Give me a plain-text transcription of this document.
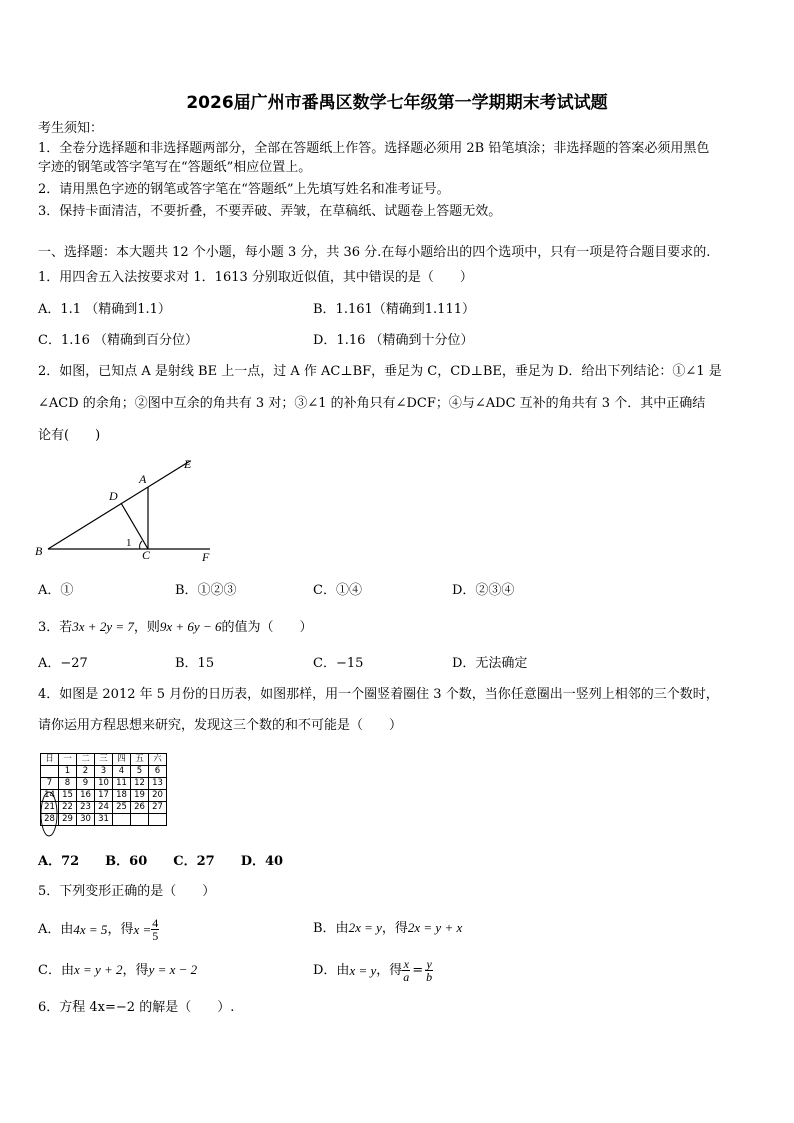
2026届广州市番禺区数学七年级第一学期期末考试试题
考生须知：
1．全卷分选择题和非选择题两部分，全部在答题纸上作答。选择题必须用 2B 铅笔填涂；非选择题的答案必须用黑色
字迹的钢笔或答字笔写在“答题纸”相应位置上。
2．请用黑色字迹的钢笔或答字笔在“答题纸”上先填写姓名和准考证号。
3．保持卡面清洁，不要折叠，不要弄破、弄皱，在草稿纸、试题卷上答题无效。
一、选择题：本大题共 12 个小题，每小题 3 分，共 36 分.在每小题给出的四个选项中，只有一项是符合题目要求的.
1．用四舍五入法按要求对 1．1613 分别取近似值，其中错误的是（　　）
A．1.1 （精确到1.1）	B．1.161（精确到1.111）
C．1.16 （精确到百分位）	D．1.16 （精确到十分位）
2．如图，已知点 A 是射线 BE 上一点，过 A 作 AC⊥BF，垂足为 C，CD⊥BE，垂足为 D．给出下列结论：①∠1 是
∠ACD 的余角；②图中互余的角共有 3 对；③∠1 的补角只有∠DCF；④与∠ADC 互补的角共有 3 个．其中正确结
论有(　　)
B
A
E
D
C	F
1
A．①	B．①②③	C．①④	D．②③④
3．若3x + 2y = 7，则9x + 6y − 6的值为（　　）
A．−27	B．15	C．−15	D．无法确定
4．如图是 2012 年 5 月份的日历表，如图那样，用一个圈竖着圈住 3 个数，当你任意圈出一竖列上相邻的三个数时，
请你运用方程思想来研究，发现这三个数的和不可能是（　　）
日	一	二	三	四	五	六
	1	2	3	4	5	6
7	8	9	10	11	12	13
14	15	16	17	18	19	20
21	22	23	24	25	26	27
28	29	30	31			
A．72　　B．60　　C．27　　D．40
5．下列变形正确的是（　　）
A．由 4x = 5 ，得 $x = \frac{4}{5}$	B．由2x = y，得2x = y + x
C．由x = y + 2，得y = x − 2	D．由 x = y ，得 $\frac{x}{a} = \frac{y}{b}$
6．方程 4x=−2 的解是（　　）.
